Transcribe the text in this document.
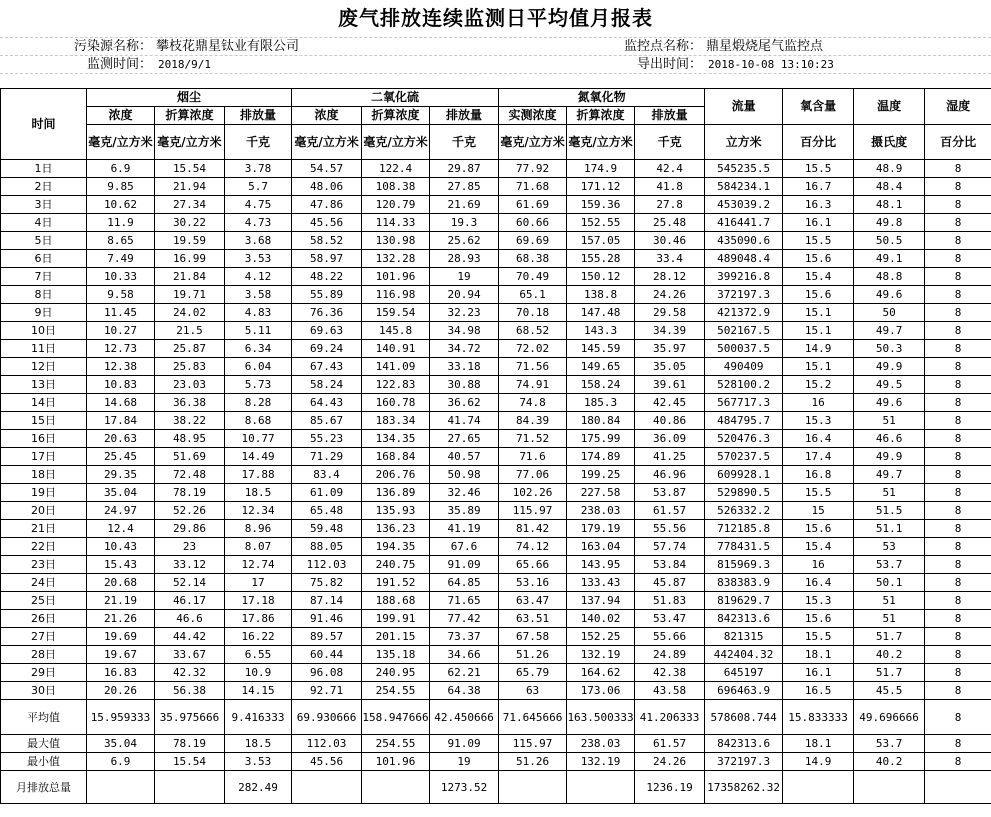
废气排放连续监测日平均值月报表
污染源名称： 攀枝花鼎星钛业有限公司	监控点名称： 鼎星煅烧尾气监控点
监测时间： 2018/9/1	导出时间： 2018-10-08 13:10:23
时间	烟尘			二氧化硫			氮氧化物			流量	氧含量	温度	湿度
	浓度	折算浓度	排放量	浓度	折算浓度	排放量	实测浓度	折算浓度	排放量				
	毫克/立方米	毫克/立方米	千克	毫克/立方米	毫克/立方米	千克	毫克/立方米	毫克/立方米	千克	立方米	百分比	摄氏度	百分比
1日	6.9	15.54	3.78	54.57	122.4	29.87	77.92	174.9	42.4	545235.5	15.5	48.9	8
2日	9.85	21.94	5.7	48.06	108.38	27.85	71.68	171.12	41.8	584234.1	16.7	48.4	8
3日	10.62	27.34	4.75	47.86	120.79	21.69	61.69	159.36	27.8	453039.2	16.3	48.1	8
4日	11.9	30.22	4.73	45.56	114.33	19.3	60.66	152.55	25.48	416441.7	16.1	49.8	8
5日	8.65	19.59	3.68	58.52	130.98	25.62	69.69	157.05	30.46	435090.6	15.5	50.5	8
6日	7.49	16.99	3.53	58.97	132.28	28.93	68.38	155.28	33.4	489048.4	15.6	49.1	8
7日	10.33	21.84	4.12	48.22	101.96	19	70.49	150.12	28.12	399216.8	15.4	48.8	8
8日	9.58	19.71	3.58	55.89	116.98	20.94	65.1	138.8	24.26	372197.3	15.6	49.6	8
9日	11.45	24.02	4.83	76.36	159.54	32.23	70.18	147.48	29.58	421372.9	15.1	50	8
10日	10.27	21.5	5.11	69.63	145.8	34.98	68.52	143.3	34.39	502167.5	15.1	49.7	8
11日	12.73	25.87	6.34	69.24	140.91	34.72	72.02	145.59	35.97	500037.5	14.9	50.3	8
12日	12.38	25.83	6.04	67.43	141.09	33.18	71.56	149.65	35.05	490409	15.1	49.9	8
13日	10.83	23.03	5.73	58.24	122.83	30.88	74.91	158.24	39.61	528100.2	15.2	49.5	8
14日	14.68	36.38	8.28	64.43	160.78	36.62	74.8	185.3	42.45	567717.3	16	49.6	8
15日	17.84	38.22	8.68	85.67	183.34	41.74	84.39	180.84	40.86	484795.7	15.3	51	8
16日	20.63	48.95	10.77	55.23	134.35	27.65	71.52	175.99	36.09	520476.3	16.4	46.6	8
17日	25.45	51.69	14.49	71.29	168.84	40.57	71.6	174.89	41.25	570237.5	17.4	49.9	8
18日	29.35	72.48	17.88	83.4	206.76	50.98	77.06	199.25	46.96	609928.1	16.8	49.7	8
19日	35.04	78.19	18.5	61.09	136.89	32.46	102.26	227.58	53.87	529890.5	15.5	51	8
20日	24.97	52.26	12.34	65.48	135.93	35.89	115.97	238.03	61.57	526332.2	15	51.5	8
21日	12.4	29.86	8.96	59.48	136.23	41.19	81.42	179.19	55.56	712185.8	15.6	51.1	8
22日	10.43	23	8.07	88.05	194.35	67.6	74.12	163.04	57.74	778431.5	15.4	53	8
23日	15.43	33.12	12.74	112.03	240.75	91.09	65.66	143.95	53.84	815969.3	16	53.7	8
24日	20.68	52.14	17	75.82	191.52	64.85	53.16	133.43	45.87	838383.9	16.4	50.1	8
25日	21.19	46.17	17.18	87.14	188.68	71.65	63.47	137.94	51.83	819629.7	15.3	51	8
26日	21.26	46.6	17.86	91.46	199.91	77.42	63.51	140.02	53.47	842313.6	15.6	51	8
27日	19.69	44.42	16.22	89.57	201.15	73.37	67.58	152.25	55.66	821315	15.5	51.7	8
28日	19.67	33.67	6.55	60.44	135.18	34.66	51.26	132.19	24.89	442404.32	18.1	40.2	8
29日	16.83	42.32	10.9	96.08	240.95	62.21	65.79	164.62	42.38	645197	16.1	51.7	8
30日	20.26	56.38	14.15	92.71	254.55	64.38	63	173.06	43.58	696463.9	16.5	45.5	8
平均值	15.959333	35.975666	9.416333	69.930666	158.947666	42.450666	71.645666	163.500333	41.206333	578608.744	15.833333	49.696666	8
最大值	35.04	78.19	18.5	112.03	254.55	91.09	115.97	238.03	61.57	842313.6	18.1	53.7	8
最小值	6.9	15.54	3.53	45.56	101.96	19	51.26	132.19	24.26	372197.3	14.9	40.2	8
月排放总量			282.49			1273.52			1236.19	17358262.32			
